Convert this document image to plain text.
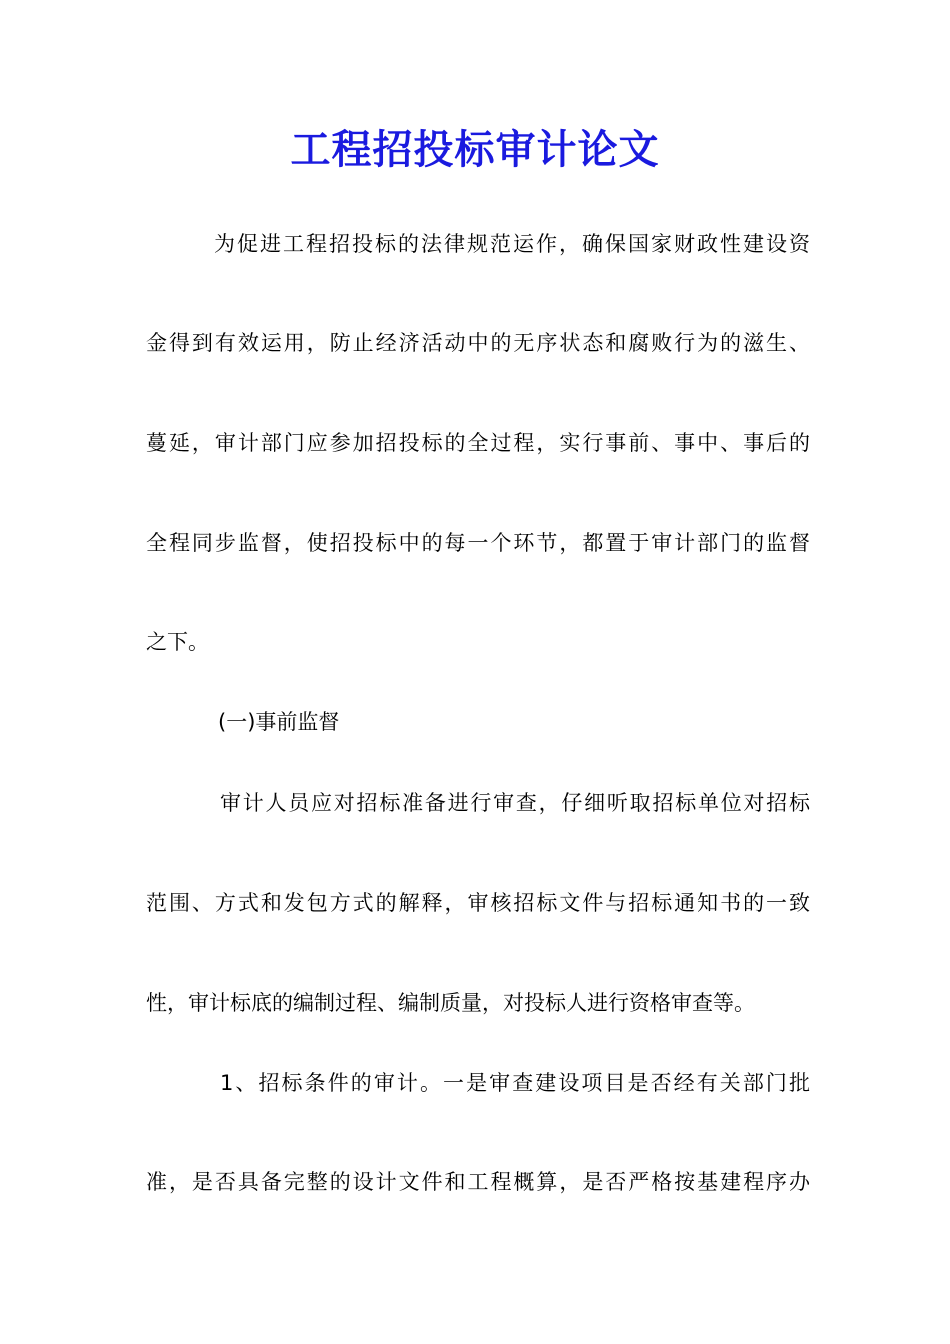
工程招投标审计论文
为促进工程招投标的法律规范运作，确保国家财政性建设资
金得到有效运用，防止经济活动中的无序状态和腐败行为的滋生、
蔓延，审计部门应参加招投标的全过程，实行事前、事中、事后的
全程同步监督，使招投标中的每一个环节，都置于审计部门的监督
之下。
(一)事前监督
审计人员应对招标准备进行审查，仔细听取招标单位对招标
范围、方式和发包方式的解释，审核招标文件与招标通知书的一致
性，审计标底的编制过程、编制质量，对投标人进行资格审查等。
1、招标条件的审计。一是审查建设项目是否经有关部门批
准，是否具备完整的设计文件和工程概算，是否严格按基建程序办
